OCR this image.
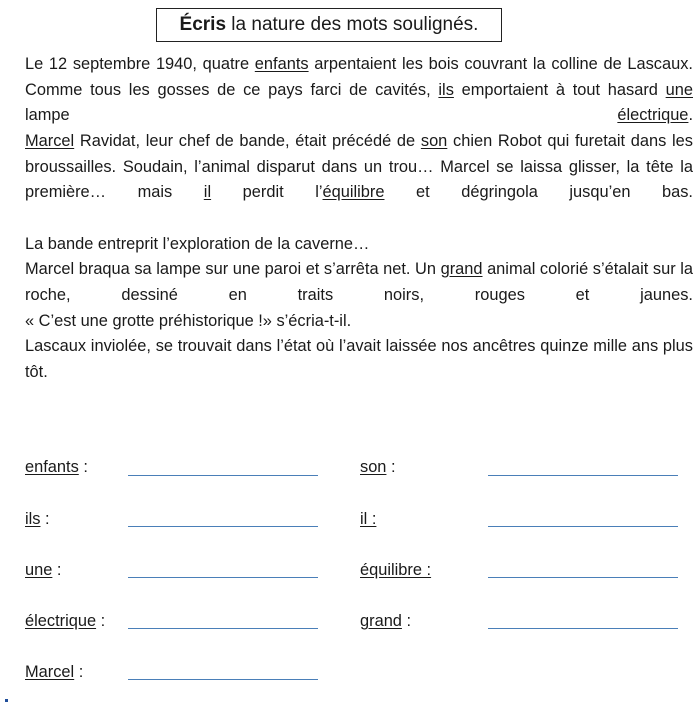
Écris la nature des mots soulignés.

Le 12 septembre 1940, quatre enfants arpentaient les bois couvrant la colline de Lascaux. Comme tous les gosses de ce pays farci de cavités, ils emportaient à tout hasard une lampe électrique.

Marcel Ravidat, leur chef de bande, était précédé de son chien Robot qui furetait dans les broussailles. Soudain, l’animal disparut dans un trou… Marcel se laissa glisser, la tête la première… mais il perdit l’équilibre et dégringola jusqu’en bas.

La bande entreprit l’exploration de la caverne…

Marcel braqua sa lampe sur une paroi et s’arrêta net. Un grand animal colorié s’étalait sur la roche, dessiné en traits noirs, rouges et jaunes.

« C’est une grotte préhistorique !» s’écria-t-il.

Lascaux inviolée, se trouvait dans l’état où l’avait laissée nos ancêtres quinze mille ans plus tôt.

enfants :
ils :
une :
électrique :
Marcel :
son :
il :
équilibre :
grand :
